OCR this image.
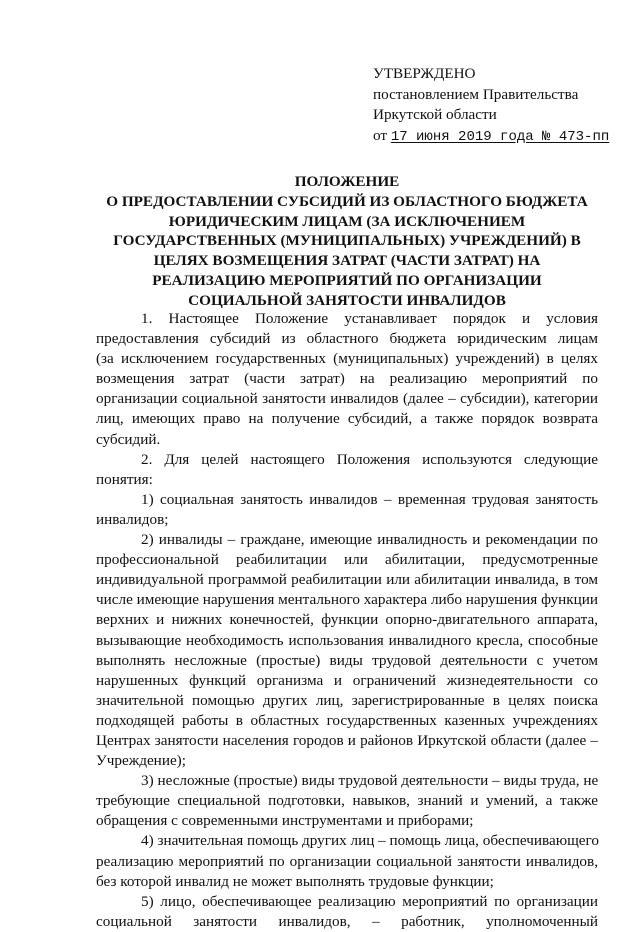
УТВЕРЖДЕНО
постановлением Правительства
Иркутской области
от 17 июня 2019 года № 473-пп
ПОЛОЖЕНИЕ
О ПРЕДОСТАВЛЕНИИ СУБСИДИЙ ИЗ ОБЛАСТНОГО БЮДЖЕТА
ЮРИДИЧЕСКИМ ЛИЦАМ (ЗА ИСКЛЮЧЕНИЕМ
ГОСУДАРСТВЕННЫХ (МУНИЦИПАЛЬНЫХ) УЧРЕЖДЕНИЙ) В
ЦЕЛЯХ ВОЗМЕЩЕНИЯ ЗАТРАТ (ЧАСТИ ЗАТРАТ) НА
РЕАЛИЗАЦИЮ МЕРОПРИЯТИЙ ПО ОРГАНИЗАЦИИ
СОЦИАЛЬНОЙ ЗАНЯТОСТИ ИНВАЛИДОВ
1. Настоящее Положение устанавливает порядок и условия
предоставления субсидий из областного бюджета юридическим лицам
(за исключением государственных (муниципальных) учреждений) в целях
возмещения затрат (части затрат) на реализацию мероприятий по
организации социальной занятости инвалидов (далее – субсидии), категории
лиц, имеющих право на получение субсидий, а также порядок возврата
субсидий.
2. Для целей настоящего Положения используются следующие
понятия:
1) социальная занятость инвалидов – временная трудовая занятость
инвалидов;
2) инвалиды – граждане, имеющие инвалидность и рекомендации по
профессиональной реабилитации или абилитации, предусмотренные
индивидуальной программой реабилитации или абилитации инвалида, в том
числе имеющие нарушения ментального характера либо нарушения функции
верхних и нижних конечностей, функции опорно-двигательного аппарата,
вызывающие необходимость использования инвалидного кресла, способные
выполнять несложные (простые) виды трудовой деятельности с учетом
нарушенных функций организма и ограничений жизнедеятельности со
значительной помощью других лиц, зарегистрированные в целях поиска
подходящей работы в областных государственных казенных учреждениях
Центрах занятости населения городов и районов Иркутской области (далее –
Учреждение);
3) несложные (простые) виды трудовой деятельности – виды труда, не
требующие специальной подготовки, навыков, знаний и умений, а также
обращения с современными инструментами и приборами;
4) значительная помощь других лиц – помощь лица, обеспечивающего
реализацию мероприятий по организации социальной занятости инвалидов,
без которой инвалид не может выполнять трудовые функции;
5) лицо, обеспечивающее реализацию мероприятий по организации
социальной занятости инвалидов, – работник, уполномоченный
